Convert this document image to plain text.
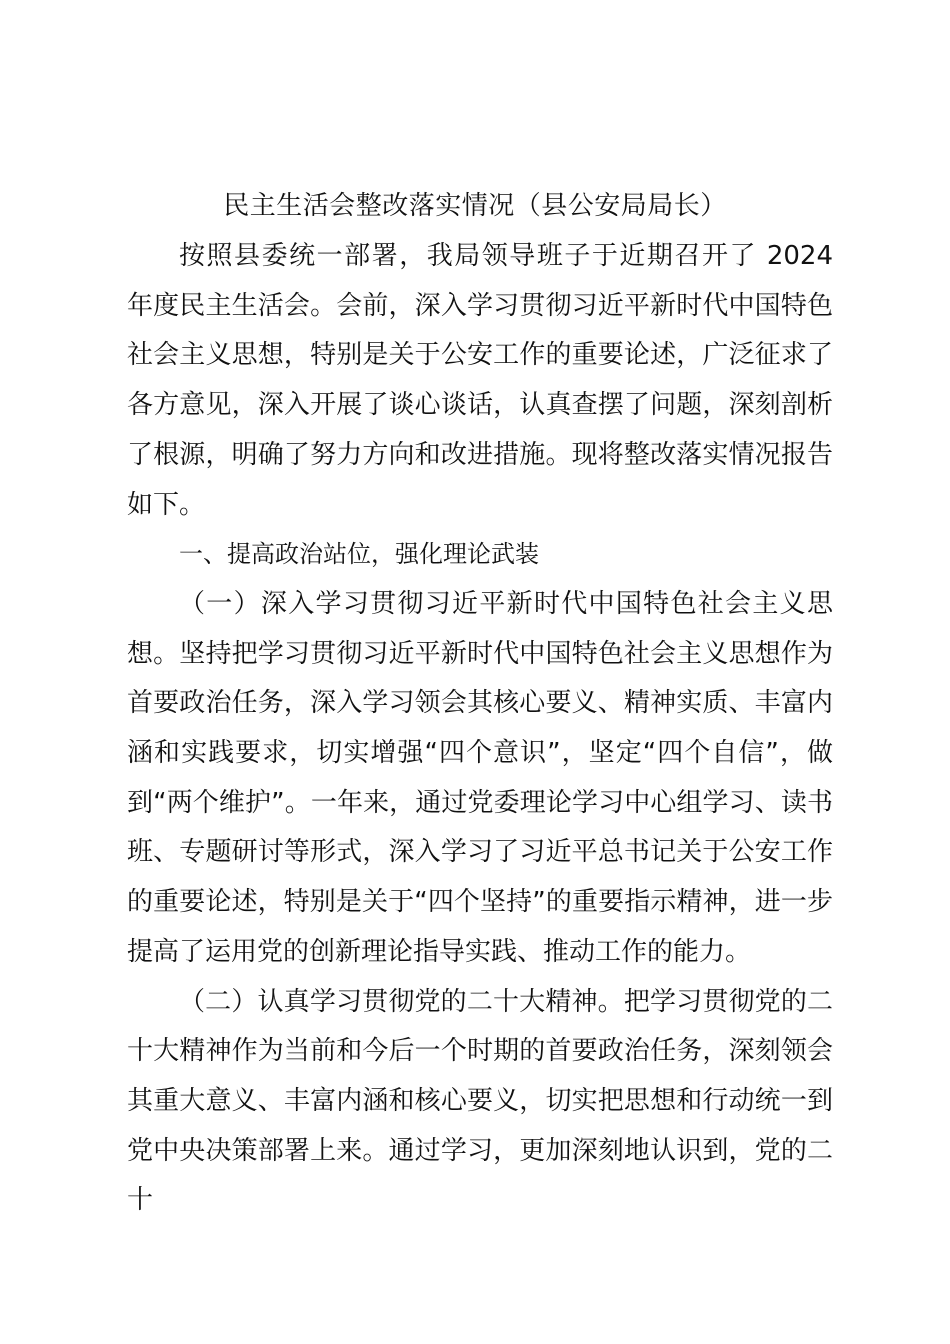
民主生活会整改落实情况（县公安局局长）

按照县委统一部署，我局领导班子于近期召开了 2024 年度民主生活会。会前，深入学习贯彻习近平新时代中国特色社会主义思想，特别是关于公安工作的重要论述，广泛征求了各方意见，深入开展了谈心谈话，认真查摆了问题，深刻剖析了根源，明确了努力方向和改进措施。现将整改落实情况报告如下。

一、提高政治站位，强化理论武装

（一）深入学习贯彻习近平新时代中国特色社会主义思想。坚持把学习贯彻习近平新时代中国特色社会主义思想作为首要政治任务，深入学习领会其核心要义、精神实质、丰富内涵和实践要求，切实增强“四个意识”，坚定“四个自信”，做到“两个维护”。一年来，通过党委理论学习中心组学习、读书班、专题研讨等形式，深入学习了习近平总书记关于公安工作的重要论述，特别是关于“四个坚持”的重要指示精神，进一步提高了运用党的创新理论指导实践、推动工作的能力。

（二）认真学习贯彻党的二十大精神。把学习贯彻党的二十大精神作为当前和今后一个时期的首要政治任务，深刻领会其重大意义、丰富内涵和核心要义，切实把思想和行动统一到党中央决策部署上来。通过学习，更加深刻地认识到，党的二十
